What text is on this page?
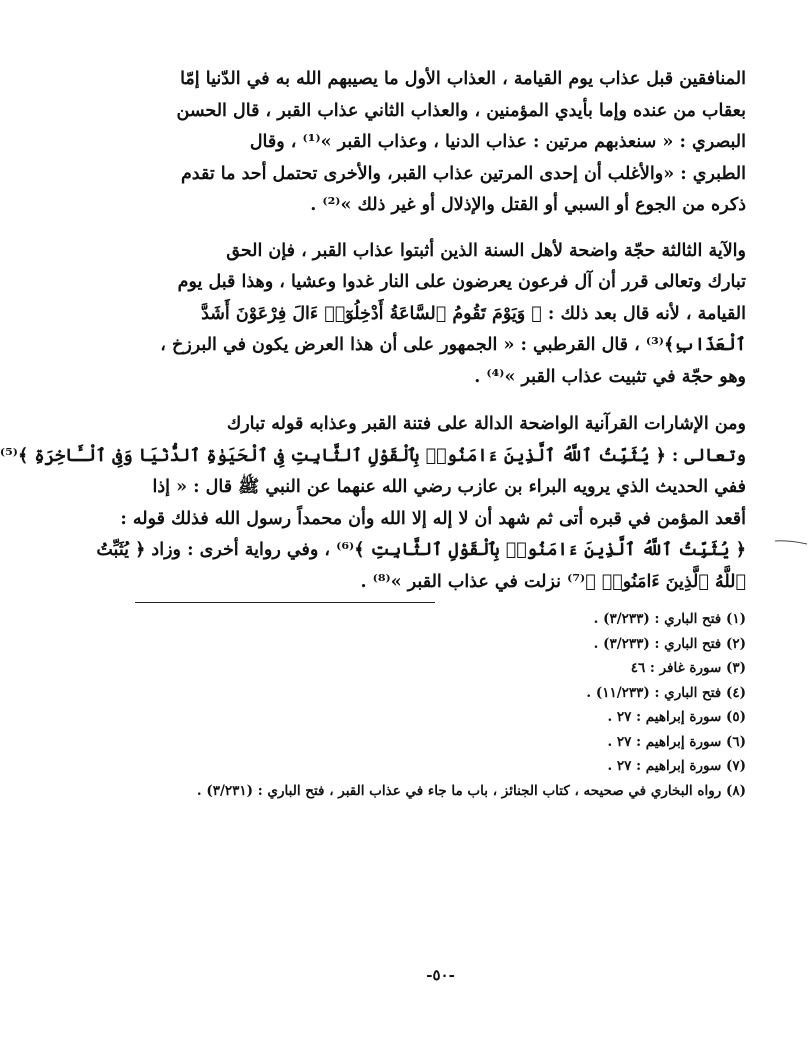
المنافقين قبل عذاب يوم القيامة ، العذاب الأول ما يصيبهم الله به في الدّنيا إمّا
بعقاب من عنده وإما بأيدي المؤمنين ، والعذاب الثاني عذاب القبر ، قال الحسن
البصري : « سنعذبهم مرتين : عذاب الدنيا ، وعذاب القبر »⁽¹⁾ ، وقال
الطبري : «والأغلب أن إحدى المرتين عذاب القبر، والأخرى تحتمل أحد ما تقدم
ذكره من الجوع أو السبي أو القتل والإذلال أو غير ذلك »⁽²⁾ .

والآية الثالثة حجّة واضحة لأهل السنة الذين أثبتوا عذاب القبر ، فإن الحق
تبارك وتعالى قرر أن آل فرعون يعرضون على النار غدوا وعشيا ، وهذا قبل يوم
القيامة ، لأنه قال بعد ذلك : ﴿ وَيَوْمَ تَقُومُ ٱلسَّاعَةُ أَدْخِلُوٓا۟ ءَالَ فِرْعَوْنَ أَشَدَّ
ٱلْعَذَابِ﴾⁽³⁾ ، قال القرطبي : « الجمهور على أن هذا العرض يكون في البرزخ ،
وهو حجّة في تثبيت عذاب القبر »⁽⁴⁾ .

ومن الإشارات القرآنية الواضحة الدالة على فتنة القبر وعذابه قوله تبارك
وتعالى : ﴿ يُثَبِّتُ ٱللَّهُ ٱلَّذِينَ ءَامَنُوا۟ بِٱلْقَوْلِ ٱلثَّابِتِ فِى ٱلْحَيَوٰةِ ٱلدُّنْيَا وَفِى ٱلْـَٔاخِرَةِ ﴾⁽⁵⁾
ففي الحديث الذي يرويه البراء بن عازب رضي الله عنهما عن النبي ﷺ قال : « إذا
أقعد المؤمن في قبره أتى ثم شهد أن لا إله إلا الله وأن محمداً رسول الله فذلك قوله :
﴿ يُثَبِّتُ ٱللَّهُ ٱلَّذِينَ ءَامَنُوا۟ بِٱلْقَوْلِ ٱلثَّابِتِ ﴾⁽⁶⁾ ، وفي رواية أخرى : وزاد ﴿ يُثَبِّتُ
ٱللَّهُ ٱلَّذِينَ ءَامَنُوا۟ ﴾⁽⁷⁾ نزلت في عذاب القبر »⁽⁸⁾ .

(١) فتح الباري : (٣/٢٣٣) .
(٢) فتح الباري : (٣/٢٣٣) .
(٣) سورة غافر : ٤٦
(٤) فتح الباري : (١١/٢٣٣) .
(٥) سورة إبراهيم : ٢٧ .
(٦) سورة إبراهيم : ٢٧ .
(٧) سورة إبراهيم : ٢٧ .
(٨) رواه البخاري في صحيحه ، كتاب الجنائز ، باب ما جاء في عذاب القبر ، فتح الباري : (٣/٢٣١) .
-٥٠-
